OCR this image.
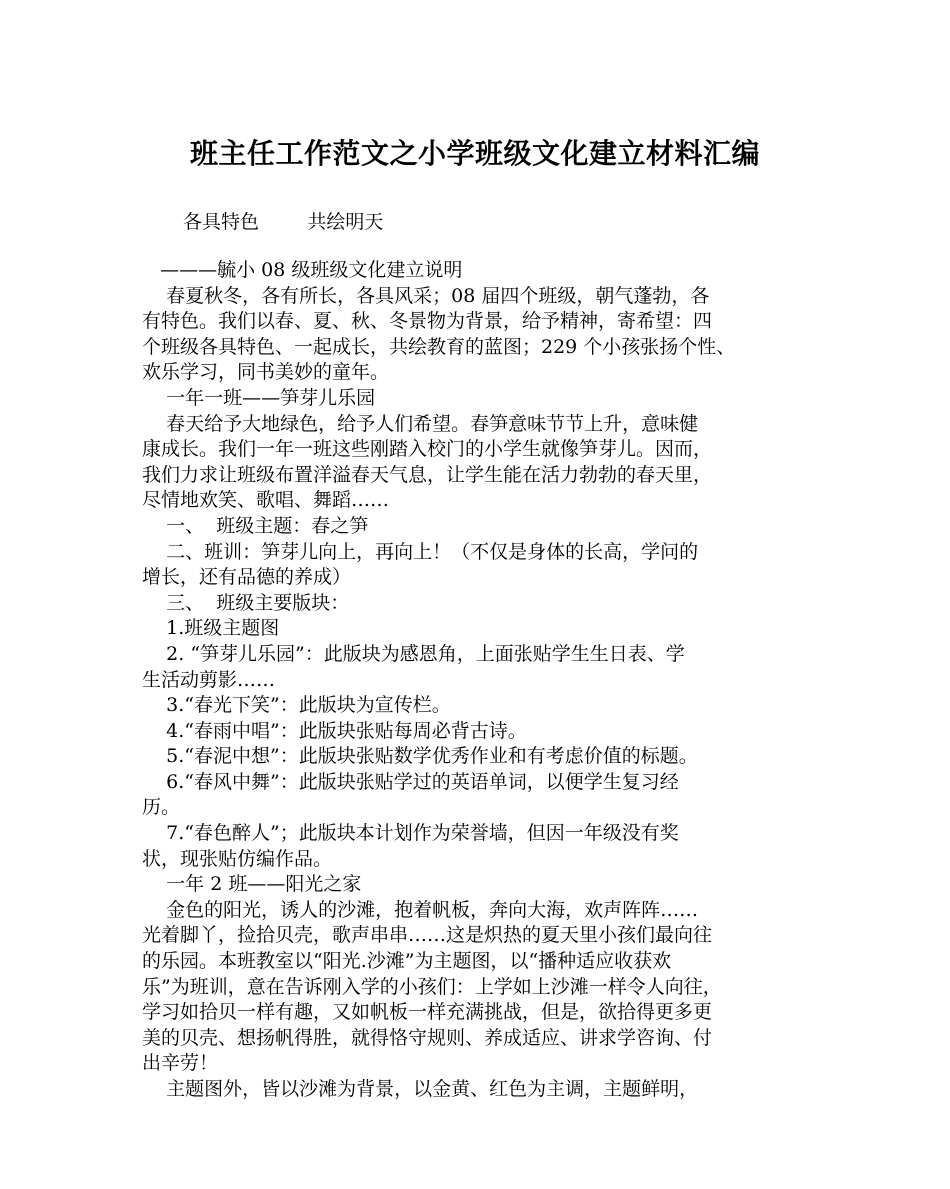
班主任工作范文之小学班级文化建立材料汇编
各具特色        共绘明天
———毓小 08 级班级文化建立说明
春夏秋冬，各有所长，各具风采；08 届四个班级，朝气蓬勃，各
有特色。我们以春、夏、秋、冬景物为背景，给予精神，寄希望：四
个班级各具特色、一起成长，共绘教育的蓝图；229 个小孩张扬个性、
欢乐学习，同书美妙的童年。
一年一班——笋芽儿乐园
春天给予大地绿色，给予人们希望。春笋意味节节上升，意味健
康成长。我们一年一班这些刚踏入校门的小学生就像笋芽儿。因而，
我们力求让班级布置洋溢春天气息，让学生能在活力勃勃的春天里，
尽情地欢笑、歌唱、舞蹈……
一、  班级主题：春之笋
二、班训：笋芽儿向上，再向上！（不仅是身体的长高，学问的
增长，还有品德的养成）
三、  班级主要版块：
1.班级主题图
2. “笋芽儿乐园”：此版块为感恩角，上面张贴学生生日表、学
生活动剪影……
3.“春光下笑”：此版块为宣传栏。
4.“春雨中唱”：此版块张贴每周必背古诗。
5.“春泥中想”：此版块张贴数学优秀作业和有考虑价值的标题。
6.“春风中舞”：此版块张贴学过的英语单词，以便学生复习经
历。
7.“春色醉人”；此版块本计划作为荣誉墙，但因一年级没有奖
状，现张贴仿编作品。
一年 2 班——阳光之家
金色的阳光，诱人的沙滩，抱着帆板，奔向大海，欢声阵阵……
光着脚丫，捡拾贝壳，歌声串串……这是炽热的夏天里小孩们最向往
的乐园。本班教室以“阳光.沙滩”为主题图，以“播种适应收获欢
乐”为班训，意在告诉刚入学的小孩们：上学如上沙滩一样令人向往，
学习如拾贝一样有趣，又如帆板一样充满挑战，但是，欲拾得更多更
美的贝壳、想扬帆得胜，就得恪守规则、养成适应、讲求学咨询、付
出辛劳！
主题图外，皆以沙滩为背景，以金黄、红色为主调，主题鲜明，
